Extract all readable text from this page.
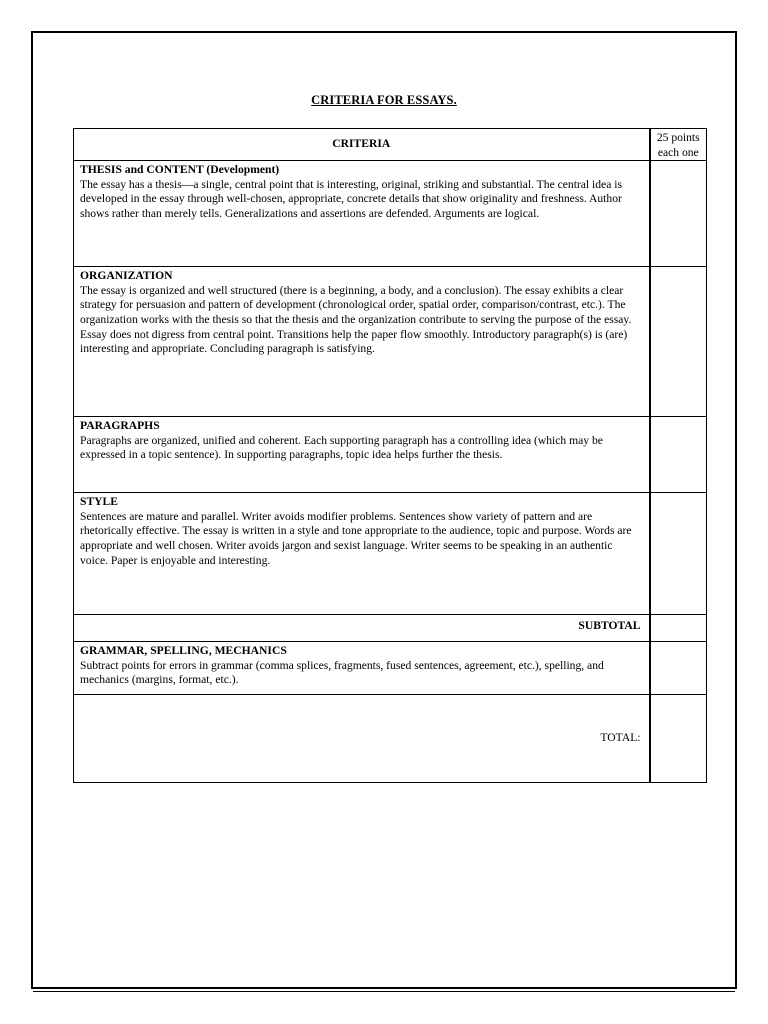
CRITERIA FOR ESSAYS.
CRITERIA	25 points
each one

THESIS and CONTENT (Development)
The essay has a thesis—a single, central point that is interesting, original, striking and substantial. The central idea is developed in the essay through well-chosen, appropriate, concrete details that show originality and freshness. Author shows rather than merely tells. Generalizations and assertions are defended. Arguments are logical.	

ORGANIZATION
The essay is organized and well structured (there is a beginning, a body, and a conclusion). The essay exhibits a clear strategy for persuasion and pattern of development (chronological order, spatial order, comparison/contrast, etc.). The organization works with the thesis so that the thesis and the organization contribute to serving the purpose of the essay. Essay does not digress from central point. Transitions help the paper flow smoothly. Introductory paragraph(s) is (are) interesting and appropriate. Concluding paragraph is satisfying.	

PARAGRAPHS
Paragraphs are organized, unified and coherent. Each supporting paragraph has a controlling idea (which may be expressed in a topic sentence). In supporting paragraphs, topic idea helps further the thesis.	

STYLE
Sentences are mature and parallel. Writer avoids modifier problems. Sentences show variety of pattern and are rhetorically effective. The essay is written in a style and tone appropriate to the audience, topic and purpose. Words are appropriate and well chosen. Writer avoids jargon and sexist language. Writer seems to be speaking in an authentic voice. Paper is enjoyable and interesting.	

SUBTOTAL	

GRAMMAR, SPELLING, MECHANICS
Subtract points for errors in grammar (comma splices, fragments, fused sentences, agreement, etc.), spelling, and mechanics (margins, format, etc.).	

TOTAL:	
